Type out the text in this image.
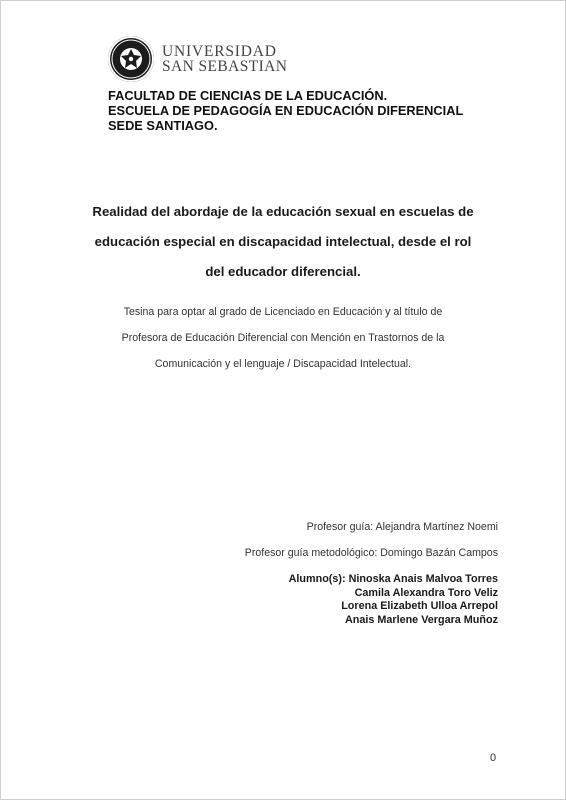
UNIVERSIDAD
SAN SEBASTIAN
FACULTAD DE CIENCIAS DE LA EDUCACIÓN.
ESCUELA DE PEDAGOGÍA EN EDUCACIÓN DIFERENCIAL
SEDE SANTIAGO.
Realidad del abordaje de la educación sexual en escuelas de
educación especial en discapacidad intelectual, desde el rol
del educador diferencial.
Tesina para optar al grado de Licenciado en Educación y al título de
Profesora de Educación Diferencial con Mención en Trastornos de la
Comunicación y el lenguaje / Discapacidad Intelectual.
Profesor guía: Alejandra Martínez Noemi
Profesor guía metodológico: Domingo Bazán Campos
Alumno(s): Ninoska Anais Malvoa Torres
Camila Alexandra Toro Veliz
Lorena Elizabeth Ulloa Arrepol
Anais Marlene Vergara Muñoz
0
